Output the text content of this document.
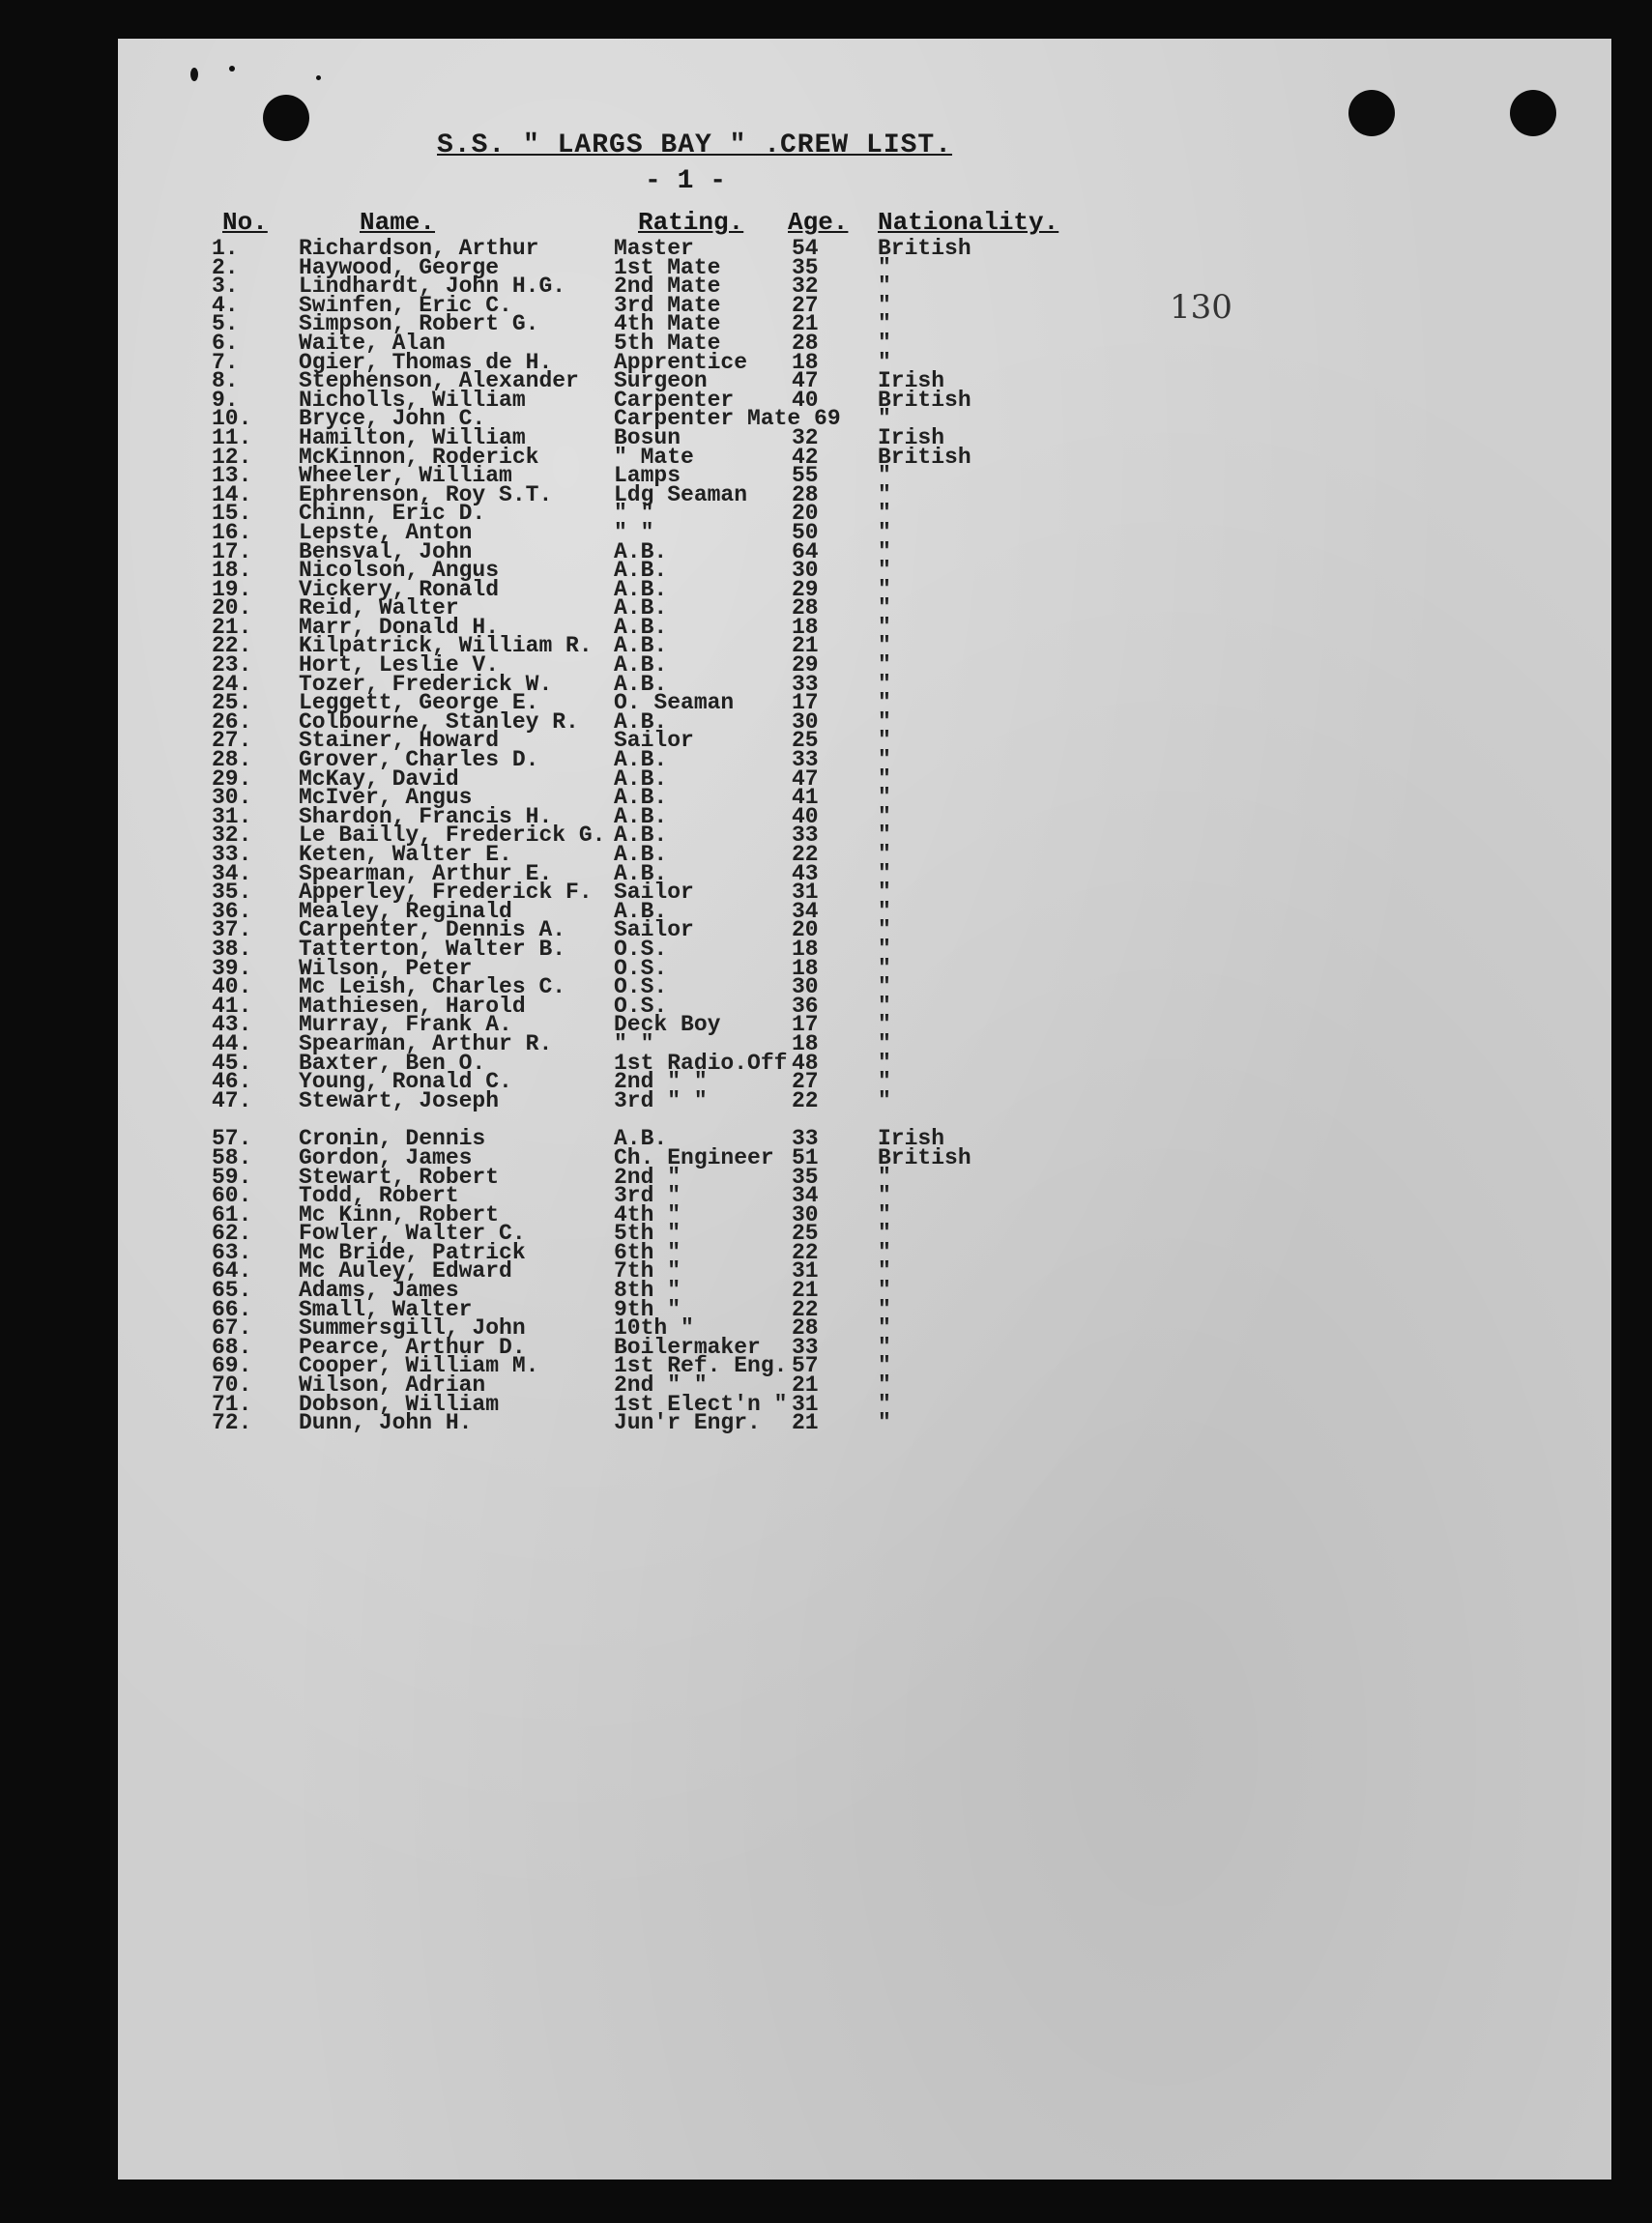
S.S. " LARGS BAY " .
CREW LIST.
- 1 -
130
No.	Name.	Rating. Age. Nationality.
1.	Richardson, Arthur	Master	54	British
2.	Haywood, George	1st Mate	35	"
3.	Lindhardt, John H.G. 2nd Mate	32	"
4.	Swinfen, Eric C.	3rd Mate	27	"
5.	Simpson, Robert G.	4th Mate	21	"
6.	Waite, Alan	5th Mate	28	"
7.	Ogier, Thomas de H.	Apprentice 18	"
8.	Stephenson, Alexander Surgeon	47	Irish
9.	Nicholls, William	Carpenter	40	British
10. Bryce, John C.	Carpenter Mate 69 "
11. Hamilton, William	Bosun	32	Irish
12. McKinnon, Roderick	" Mate	42	British
13. Wheeler, William	Lamps	55	"
14. Ephrenson, Roy S.T.	Ldg Seaman 28	"
15. Chinn, Eric D.	" "	20	"
16. Lepste, Anton	" "	50	"
17. Bensval, John	A.B.	64	"
18. Nicolson, Angus	A.B.	30	"
19. Vickery, Ronald	A.B.	29	"
20. Reid, Walter	A.B.	28	"
21. Marr, Donald H.	A.B.	18	"
22. Kilpatrick, William R. A.B.	21	"
23. Hort, Leslie V.	A.B.	29	"
24. Tozer, Frederick W.	A.B.	33	"
25. Leggett, George E.	O. Seaman	17	"
26. Colbourne, Stanley R. A.B.	30	"
27. Stainer, Howard	Sailor	25	"
28. Grover, Charles D.	A.B.	33	"
29. McKay, David	A.B.	47	"
30. McIver, Angus	A.B.	41	"
31. Shardon, Francis H.	A.B.	40	"
32. Le Bailly, Frederick G. A.B.	33	"
33. Keten, Walter E.	A.B.	22	"
34. Spearman, Arthur E.	A.B.	43	"
35. Apperley, Frederick F. Sailor	31	"
36. Mealey, Reginald	A.B.	34	"
37. Carpenter, Dennis A. Sailor	20	"
38. Tatterton, Walter B. O.S.	18	"
39. Wilson, Peter	O.S.	18	"
40. Mc Leish, Charles C. O.S.	30	"
41. Mathiesen, Harold	O.S.	36	"
43. Murray, Frank A.	Deck Boy	17	"
44. Spearman, Arthur R.	" "	18	"
45. Baxter, Ben O.	1st Radio.Off 48	"
46. Young, Ronald C.	2nd " "	27	"
47. Stewart, Joseph	3rd " "	22	"
57. Cronin, Dennis	A.B.	33	Irish
58. Gordon, James	Ch. Engineer 51	British
59. Stewart, Robert	2nd "	35	"
60. Todd, Robert	3rd "	34	"
61. Mc Kinn, Robert	4th "	30	"
62. Fowler, Walter C.	5th "	25	"
63. Mc Bride, Patrick	6th "	22	"
64. Mc Auley, Edward	7th "	31	"
65. Adams, James	8th "	21	"
66. Small, Walter	9th "	22	"
67. Summersgill, John	10th "	28	"
68. Pearce, Arthur D.	Boilermaker 33	"
69. Cooper, William M.	1st Ref. Eng. 57	"
70. Wilson, Adrian	2nd " "	21	"
71. Dobson, William	1st Elect'n " 31	"
72. Dunn, John H.	Jun'r Engr. 21	"
